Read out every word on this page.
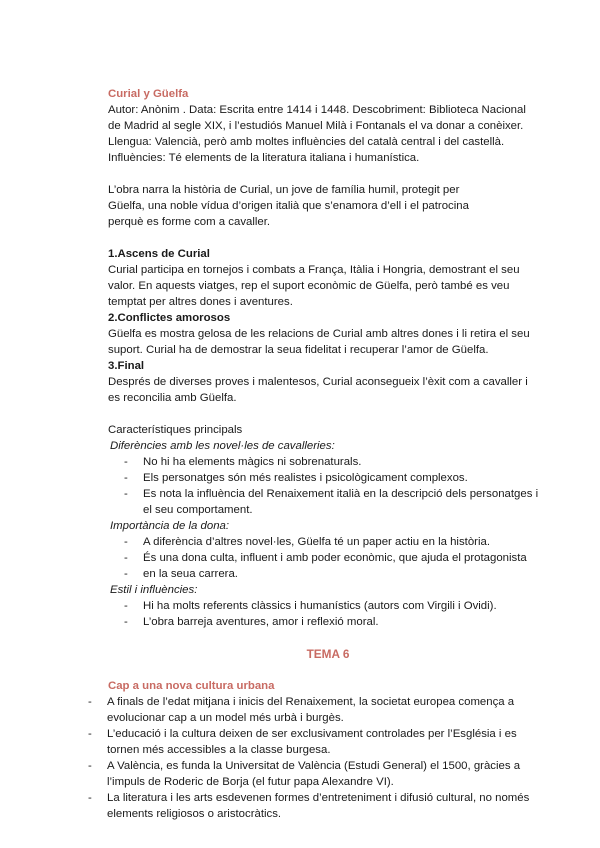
Curial y Güelfa

Autor: Anònim . Data: Escrita entre 1414 i 1448. Descobriment: Biblioteca Nacional

de Madrid al segle XIX, i l’estudiós Manuel Milà i Fontanals el va donar a conèixer.

Llengua: Valencià, però amb moltes influències del català central i del castellà.

Influències: Té elements de la literatura italiana i humanística.

L’obra narra la història de Curial, un jove de família humil, protegit per

Güelfa, una noble vídua d’origen italià que s’enamora d’ell i el patrocina

perquè es forme com a cavaller.

1.Ascens de Curial

Curial participa en tornejos i combats a França, Itàlia i Hongria, demostrant el seu

valor. En aquests viatges, rep el suport econòmic de Güelfa, però també es veu

temptat per altres dones i aventures.

2.Conflictes amorosos

Güelfa es mostra gelosa de les relacions de Curial amb altres dones i li retira el seu

suport. Curial ha de demostrar la seua fidelitat i recuperar l’amor de Güelfa.

3.Final

Després de diverses proves i malentesos, Curial aconsegueix l’èxit com a cavaller i

es reconcilia amb Güelfa.

Característiques principals

Diferències amb les novel·les de cavalleries:

- No hi ha elements màgics ni sobrenaturals.
- Els personatges són més realistes i psicològicament complexos.
- Es nota la influència del Renaixement italià en la descripció dels personatges i el seu comportament.

Importància de la dona:

- A diferència d’altres novel·les, Güelfa té un paper actiu en la història.
- És una dona culta, influent i amb poder econòmic, que ajuda el protagonista
- en la seua carrera.

Estil i influències:

- Hi ha molts referents clàssics i humanístics (autors com Virgili i Ovidi).
- L’obra barreja aventures, amor i reflexió moral.

TEMA 6

Cap a una nova cultura urbana

- A finals de l’edat mitjana i inicis del Renaixement, la societat europea comença a evolucionar cap a un model més urbà i burgès.
- L’educació i la cultura deixen de ser exclusivament controlades per l’Església i es tornen més accessibles a la classe burgesa.
- A València, es funda la Universitat de València (Estudi General) el 1500, gràcies a l’impuls de Roderic de Borja (el futur papa Alexandre VI).
- La literatura i les arts esdevenen formes d’entreteniment i difusió cultural, no només elements religiosos o aristocràtics.
